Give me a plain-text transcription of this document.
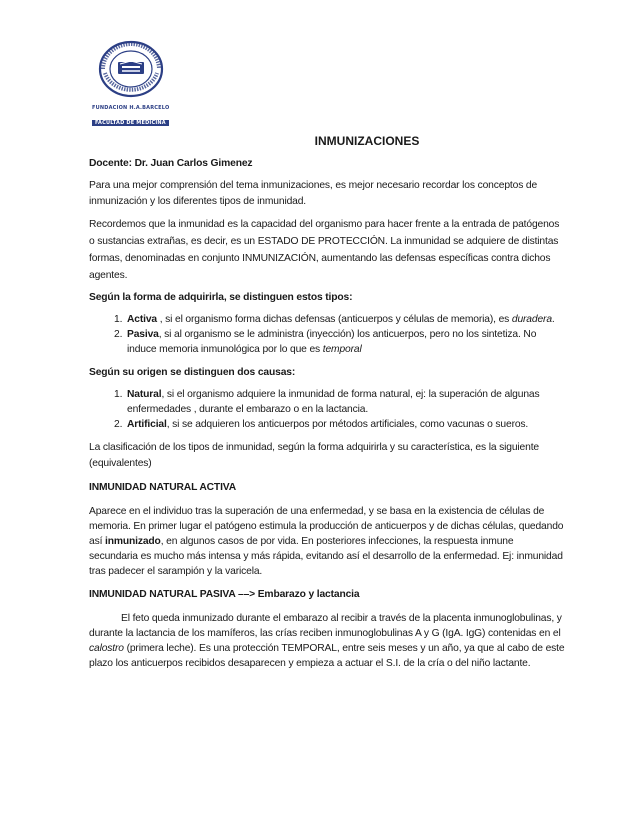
FUNDACION H.A.BARCELO
FACULTAD DE MEDICINA
INMUNIZACIONES

Docente: Dr. Juan Carlos Gimenez

Para una mejor comprensión del tema inmunizaciones, es mejor necesario recordar los conceptos de inmunización y los diferentes tipos de inmunidad.

Recordemos que la inmunidad es la capacidad del organismo para hacer frente a la entrada de patógenos o sustancias extrañas, es decir, es un ESTADO DE PROTECCIÓN. La inmunidad se adquiere de distintas formas, denominadas en conjunto INMUNIZACIÓN, aumentando las defensas específicas contra dichos agentes.

Según la forma de adquirirla, se distinguen estos tipos:

1. Activa , si el organismo forma dichas defensas (anticuerpos y células de memoria), es duradera.
2. Pasiva, si al organismo se le administra (inyección) los anticuerpos, pero no los sintetiza. No induce memoria inmunológica por lo que es temporal

Según su origen se distinguen dos causas:

1. Natural, si el organismo adquiere la inmunidad de forma natural, ej: la superación de algunas enfermedades , durante el embarazo o en la lactancia.
2. Artificial, si se adquieren los anticuerpos por métodos artificiales, como vacunas o sueros.

La clasificación de los tipos de inmunidad, según la forma adquirirla y su característica, es la siguiente (equivalentes)

INMUNIDAD NATURAL ACTIVA

Aparece en el individuo tras la superación de una enfermedad, y se basa en la existencia de células de memoria. En primer lugar el patógeno estimula la producción de anticuerpos y de dichas células, quedando así inmunizado, en algunos casos de por vida. En posteriores infecciones, la respuesta inmune secundaria es mucho más intensa y más rápida, evitando así el desarrollo de la enfermedad. Ej: inmunidad tras padecer el sarampión y la varicela.

INMUNIDAD NATURAL PASIVA ––> Embarazo y lactancia

El feto queda inmunizado durante el embarazo al recibir a través de la placenta inmunoglobulinas, y durante la lactancia de los mamíferos, las crías reciben inmunoglobulinas A y G (IgA. IgG) contenidas en el calostro (primera leche). Es una protección TEMPORAL, entre seis meses y un año, ya que al cabo de este plazo los anticuerpos recibidos desaparecen y empieza a actuar el S.I. de la cría o del niño lactante.
